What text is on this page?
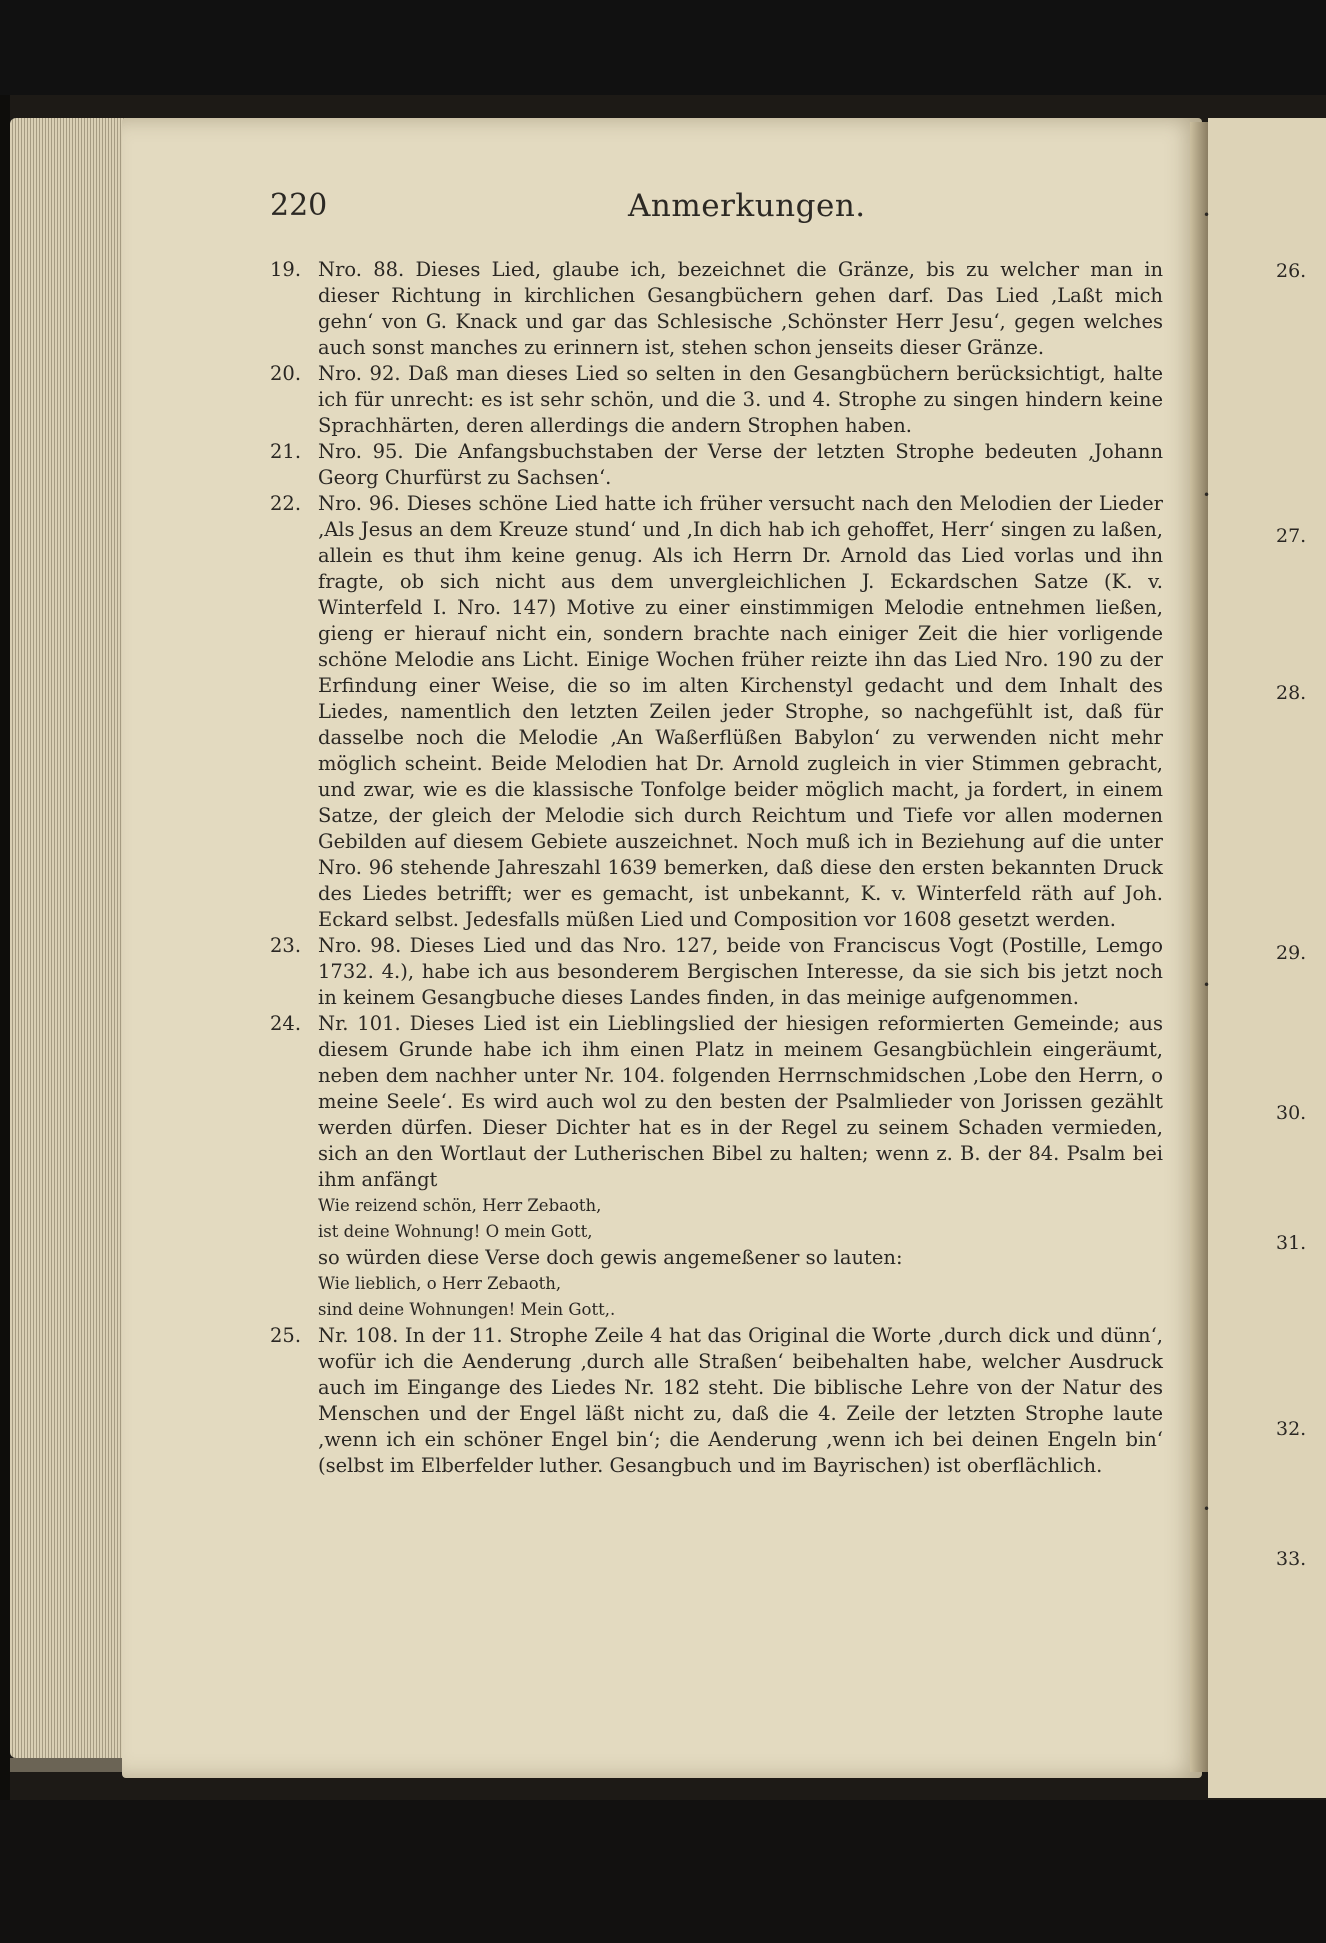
220	Anmerkungen.
19. Nro. 88. Dieses Lied, glaube ich, bezeichnet die Gränze, bis zu welcher man in dieser Richtung in kirchlichen Gesangbüchern gehen darf. Das Lied ‚Laßt mich gehn‘ von G. Knack und gar das Schlesische ‚Schönster Herr Jesu‘, gegen welches auch sonst manches zu erinnern ist, stehen schon jenseits dieser Gränze.

20. Nro. 92. Daß man dieses Lied so selten in den Gesangbüchern berücksichtigt, halte ich für unrecht: es ist sehr schön, und die 3. und 4. Strophe zu singen hindern keine Sprachhärten, deren allerdings die andern Strophen haben.

21. Nro. 95. Die Anfangsbuchstaben der Verse der letzten Strophe bedeuten ‚Johann Georg Churfürst zu Sachsen‘.

22. Nro. 96. Dieses schöne Lied hatte ich früher versucht nach den Melodien der Lieder ‚Als Jesus an dem Kreuze stund‘ und ‚In dich hab ich gehoffet, Herr‘ singen zu laßen, allein es thut ihm keine genug. Als ich Herrn Dr. Arnold das Lied vorlas und ihn fragte, ob sich nicht aus dem unvergleichlichen J. Eckardschen Satze (K. v. Winterfeld I. Nro. 147) Motive zu einer einstimmigen Melodie entnehmen ließen, gieng er hierauf nicht ein, sondern brachte nach einiger Zeit die hier vorligende schöne Melodie ans Licht. Einige Wochen früher reizte ihn das Lied Nro. 190 zu der Erfindung einer Weise, die so im alten Kirchenstyl gedacht und dem Inhalt des Liedes, namentlich den letzten Zeilen jeder Strophe, so nachgefühlt ist, daß für dasselbe noch die Melodie ‚An Waßerflüßen Babylon‘ zu verwenden nicht mehr möglich scheint. Beide Melodien hat Dr. Arnold zugleich in vier Stimmen gebracht, und zwar, wie es die klassische Tonfolge beider möglich macht, ja fordert, in einem Satze, der gleich der Melodie sich durch Reichtum und Tiefe vor allen modernen Gebilden auf diesem Gebiete auszeichnet. Noch muß ich in Beziehung auf die unter Nro. 96 stehende Jahreszahl 1639 bemerken, daß diese den ersten bekannten Druck des Liedes betrifft; wer es gemacht, ist unbekannt, K. v. Winterfeld räth auf Joh. Eckard selbst. Jedesfalls müßen Lied und Composition vor 1608 gesetzt werden.

23. Nro. 98. Dieses Lied und das Nro. 127, beide von Franciscus Vogt (Postille, Lemgo 1732. 4.), habe ich aus besonderem Bergischen Interesse, da sie sich bis jetzt noch in keinem Gesangbuche dieses Landes finden, in das meinige aufgenommen.

24. Nr. 101. Dieses Lied ist ein Lieblingslied der hiesigen reformierten Gemeinde; aus diesem Grunde habe ich ihm einen Platz in meinem Gesangbüchlein eingeräumt, neben dem nachher unter Nr. 104. folgenden Herrnschmidschen ‚Lobe den Herrn, o meine Seele‘. Es wird auch wol zu den besten der Psalmlieder von Jorissen gezählt werden dürfen. Dieser Dichter hat es in der Regel zu seinem Schaden vermieden, sich an den Wortlaut der Lutherischen Bibel zu halten; wenn z. B. der 84. Psalm bei ihm anfängt

Wie reizend schön, Herr Zebaoth,

ist deine Wohnung! O mein Gott,

so würden diese Verse doch gewis angemeßener so lauten:

Wie lieblich, o Herr Zebaoth,

sind deine Wohnungen! Mein Gott,.

25. Nr. 108. In der 11. Strophe Zeile 4 hat das Original die Worte ‚durch dick und dünn‘, wofür ich die Aenderung ‚durch alle Straßen‘ beibehalten habe, welcher Ausdruck auch im Eingange des Liedes Nr. 182 steht. Die biblische Lehre von der Natur des Menschen und der Engel läßt nicht zu, daß die 4. Zeile der letzten Strophe laute ‚wenn ich ein schöner Engel bin‘; die Aenderung ‚wenn ich bei deinen Engeln bin‘ (selbst im Elberfelder luther. Gesangbuch und im Bayrischen) ist oberflächlich.

26.
27.
28.
29.
30.
31.
32.
33.
•
•
•
•
